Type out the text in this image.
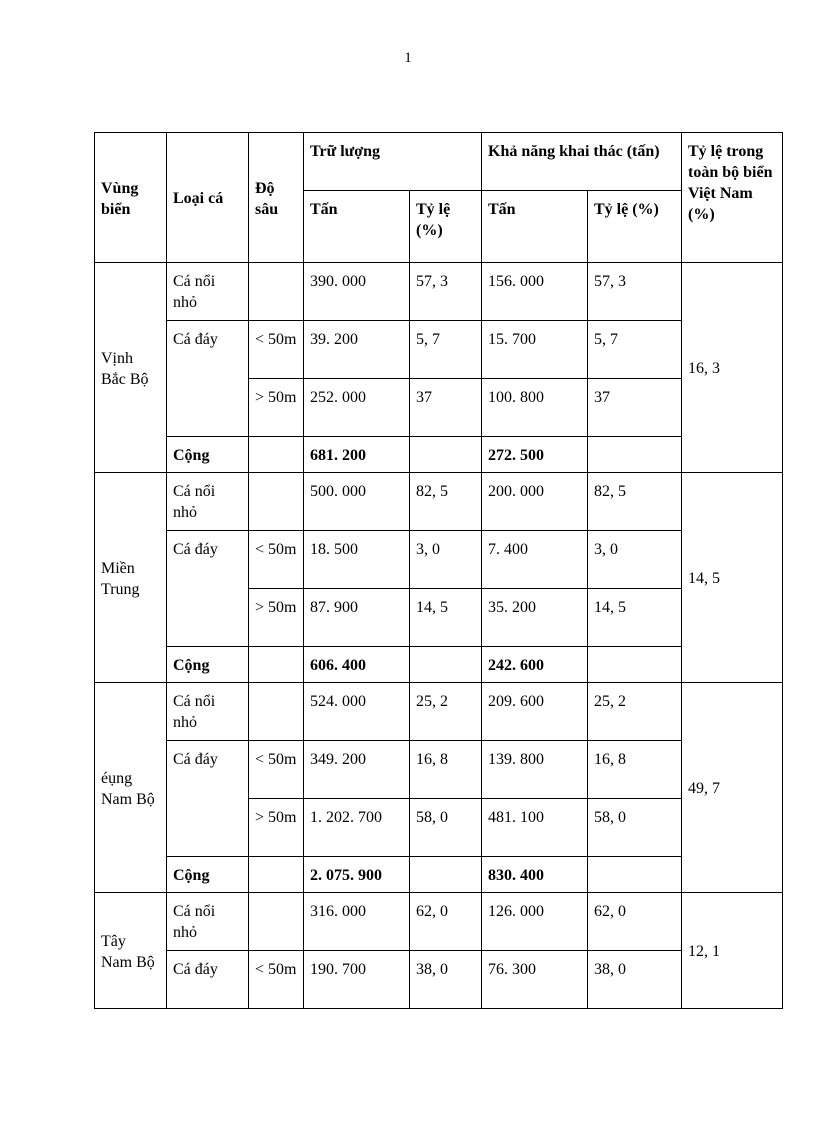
1
Vùng biển	Loại cá	Độ sâu	Trữ lượng		Khả năng khai thác (tấn)		Tỷ lệ trong toàn bộ biển Việt Nam (%)
			Tấn	Tỷ lệ (%)	Tấn	Tỷ lệ (%)	
Vịnh Bắc Bộ	Cá nổi nhỏ		390. 000	57, 3	156. 000	57, 3	16, 3
	Cá đáy	< 50m	39. 200	5, 7	15. 700	5, 7	
		> 50m	252. 000	37	100. 800	37	
	Cộng		681. 200		272. 500		
Miền Trung	Cá nổi nhỏ		500. 000	82, 5	200. 000	82, 5	14, 5
	Cá đáy	< 50m	18. 500	3, 0	7. 400	3, 0	
		> 50m	87. 900	14, 5	35. 200	14, 5	
	Cộng		606. 400		242. 600		
éụng Nam Bộ	Cá nổi nhỏ		524. 000	25, 2	209. 600	25, 2	49, 7
	Cá đáy	< 50m	349. 200	16, 8	139. 800	16, 8	
		> 50m	1. 202. 700	58, 0	481. 100	58, 0	
	Cộng		2. 075. 900		830. 400		
Tây Nam Bộ	Cá nổi nhỏ		316. 000	62, 0	126. 000	62, 0	12, 1
	Cá đáy	< 50m	190. 700	38, 0	76. 300	38, 0	
